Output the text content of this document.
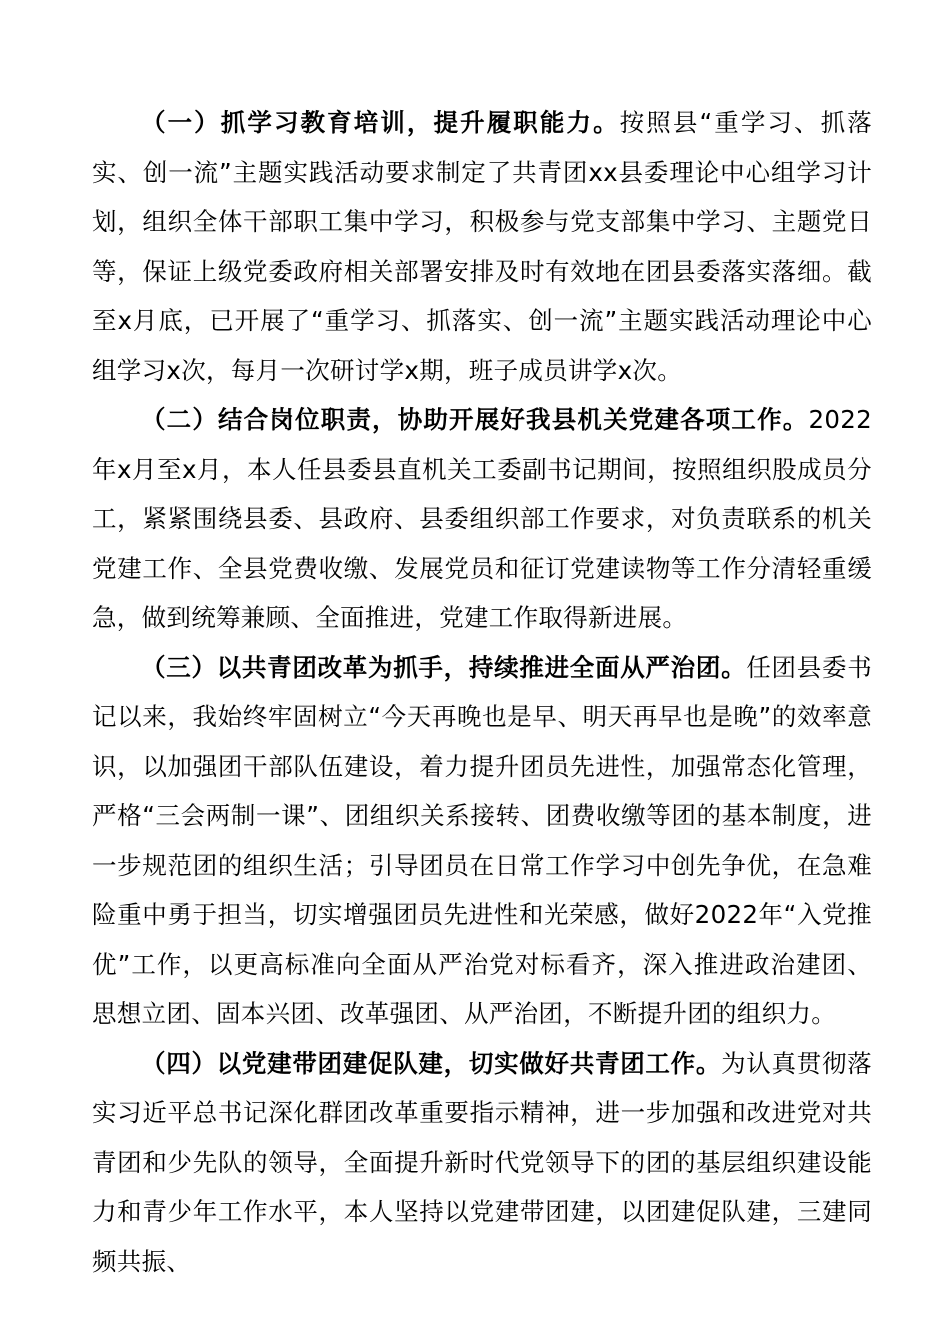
（一）抓学习教育培训，提升履职能力。按照县“重学习、抓落实、创一流”主题实践活动要求制定了共青团xx县委理论中心组学习计划，组织全体干部职工集中学习，积极参与党支部集中学习、主题党日等，保证上级党委政府相关部署安排及时有效地在团县委落实落细。截至x月底，已开展了“重学习、抓落实、创一流”主题实践活动理论中心组学习x次，每月一次研讨学x期，班子成员讲学x次。

（二）结合岗位职责，协助开展好我县机关党建各项工作。2022年x月至x月，本人任县委县直机关工委副书记期间，按照组织股成员分工，紧紧围绕县委、县政府、县委组织部工作要求，对负责联系的机关党建工作、全县党费收缴、发展党员和征订党建读物等工作分清轻重缓急，做到统筹兼顾、全面推进，党建工作取得新进展。

（三）以共青团改革为抓手，持续推进全面从严治团。任团县委书记以来，我始终牢固树立“今天再晚也是早、明天再早也是晚”的效率意识，以加强团干部队伍建设，着力提升团员先进性，加强常态化管理，严格“三会两制一课”、团组织关系接转、团费收缴等团的基本制度，进一步规范团的组织生活；引导团员在日常工作学习中创先争优，在急难险重中勇于担当，切实增强团员先进性和光荣感，做好2022年“入党推优”工作，以更高标准向全面从严治党对标看齐，深入推进政治建团、思想立团、固本兴团、改革强团、从严治团，不断提升团的组织力。

（四）以党建带团建促队建，切实做好共青团工作。为认真贯彻落实习近平总书记深化群团改革重要指示精神，进一步加强和改进党对共青团和少先队的领导，全面提升新时代党领导下的团的基层组织建设能力和青少年工作水平，本人坚持以党建带团建，以团建促队建，三建同频共振、
